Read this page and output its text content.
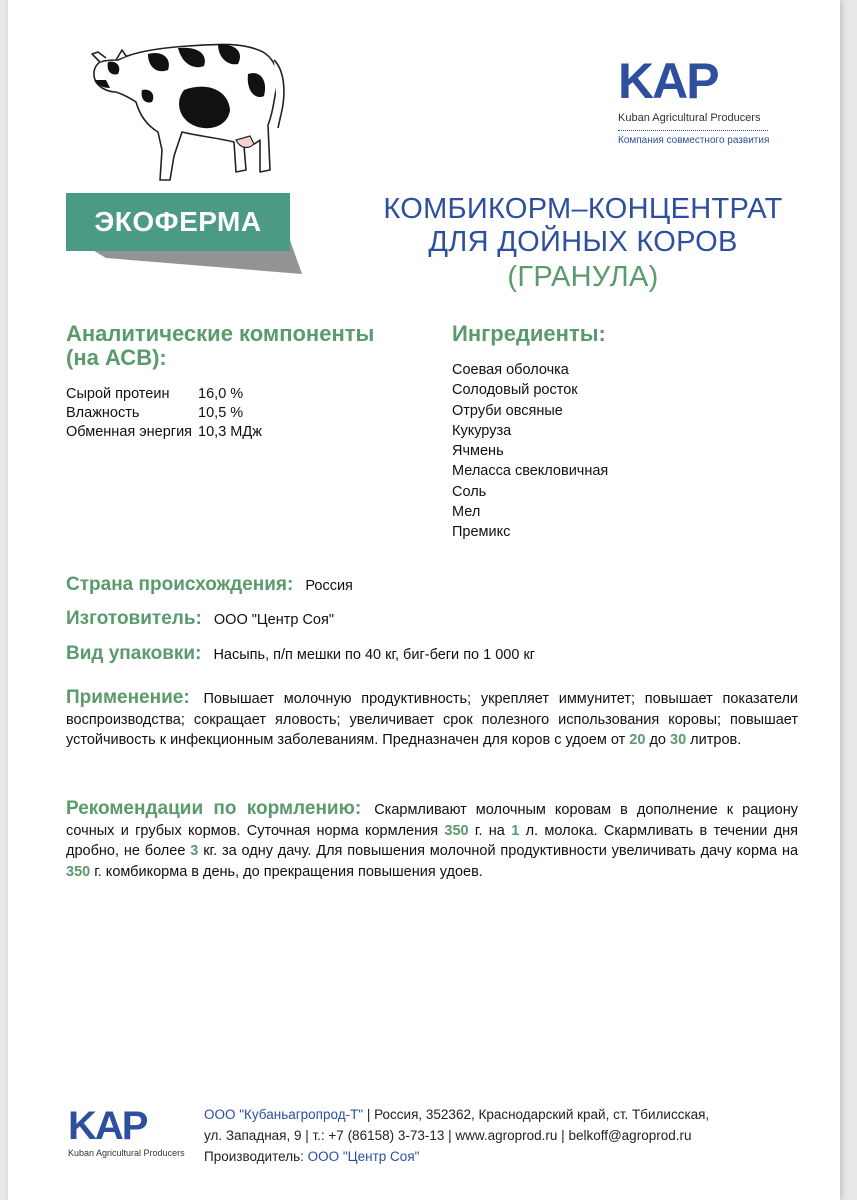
ЭКОФЕРМА
KAP
Kuban Agricultural Producers
Компания совместного развития
КОМБИКОРМ–КОНЦЕНТРАТ
ДЛЯ ДОЙНЫХ КОРОВ
(ГРАНУЛА)
Аналитические компоненты (на АСВ):
Сырой протеин	16,0 %
Влажность	10,5 %
Обменная энергия	10,3 МДж
Ингредиенты:
Соевая оболочка
Солодовый росток
Отруби овсяные
Кукуруза
Ячмень
Меласса свекловичная
Соль
Мел
Премикс
Страна происхождения: Россия
Изготовитель: ООО "Центр Соя"
Вид упаковки: Насыпь, п/п мешки по 40 кг, биг-беги по 1 000 кг
Применение: Повышает молочную продуктивность; укрепляет иммунитет; повышает показатели воспроизводства; сокращает яловость; увеличивает срок полезного использования коровы; повышает устойчивость к инфекционным заболеваниям. Предназначен для коров с удоем от 20 до 30 литров.
Рекомендации по кормлению: Скармливают молочным коровам в дополнение к рациону сочных и грубых кормов. Суточная норма кормления 350 г. на 1 л. молока. Скармливать в течении дня дробно, не более 3 кг. за одну дачу. Для повышения молочной продуктивности увеличивать дачу корма на 350 г. комбикорма в день, до прекращения повышения удоев.
KAP
Kuban Agricultural Producers
ООО "Кубаньагропрод-Т" | Россия, 352362, Краснодарский край, ст. Тбилисская,
ул. Западная, 9 | т.: +7 (86158) 3-73-13 | www.agroprod.ru | belkoff@agroprod.ru
Производитель: ООО "Центр Соя"
